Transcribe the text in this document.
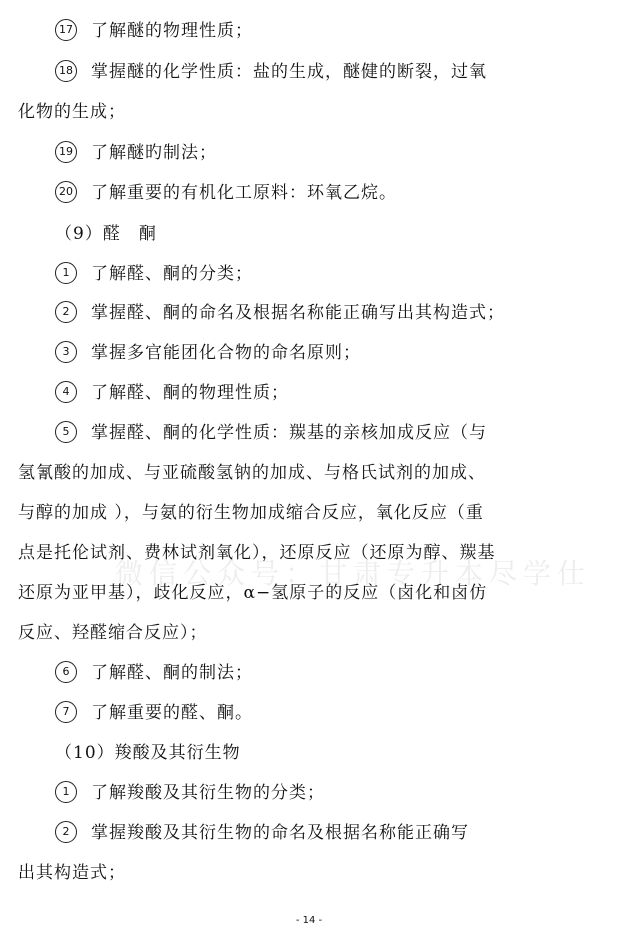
17 了解醚的物理性质；
18 掌握醚的化学性质：盐的生成，醚健的断裂，过氧
化物的生成；
19 了解醚旳制法；
20 了解重要的有机化工原料：环氧乙烷。
（9）醛　酮
1 了解醛、酮的分类；
2 掌握醛、酮的命名及根据名称能正确写出其构造式；
3 掌握多官能团化合物的命名原则；
4 了解醛、酮的物理性质；
5 掌握醛、酮的化学性质：羰基的亲核加成反应（与
氢氰酸的加成、与亚硫酸氢钠的加成、与格氏试剂的加成、
与醇的加成 ），与氨的衍生物加成缩合反应，氧化反应（重
点是托伦试剂、费林试剂氧化），还原反应（还原为醇、羰基
微信公众号：甘肃专升本尽学仕
还原为亚甲基），歧化反应，α−氢原子的反应（卤化和卤仿
反应、羟醛缩合反应）；
6 了解醛、酮的制法；
7 了解重要的醛、酮。
（10）羧酸及其衍生物
1 了解羧酸及其衍生物的分类；
2 掌握羧酸及其衍生物的命名及根据名称能正确写
出其构造式；
- 14 -
